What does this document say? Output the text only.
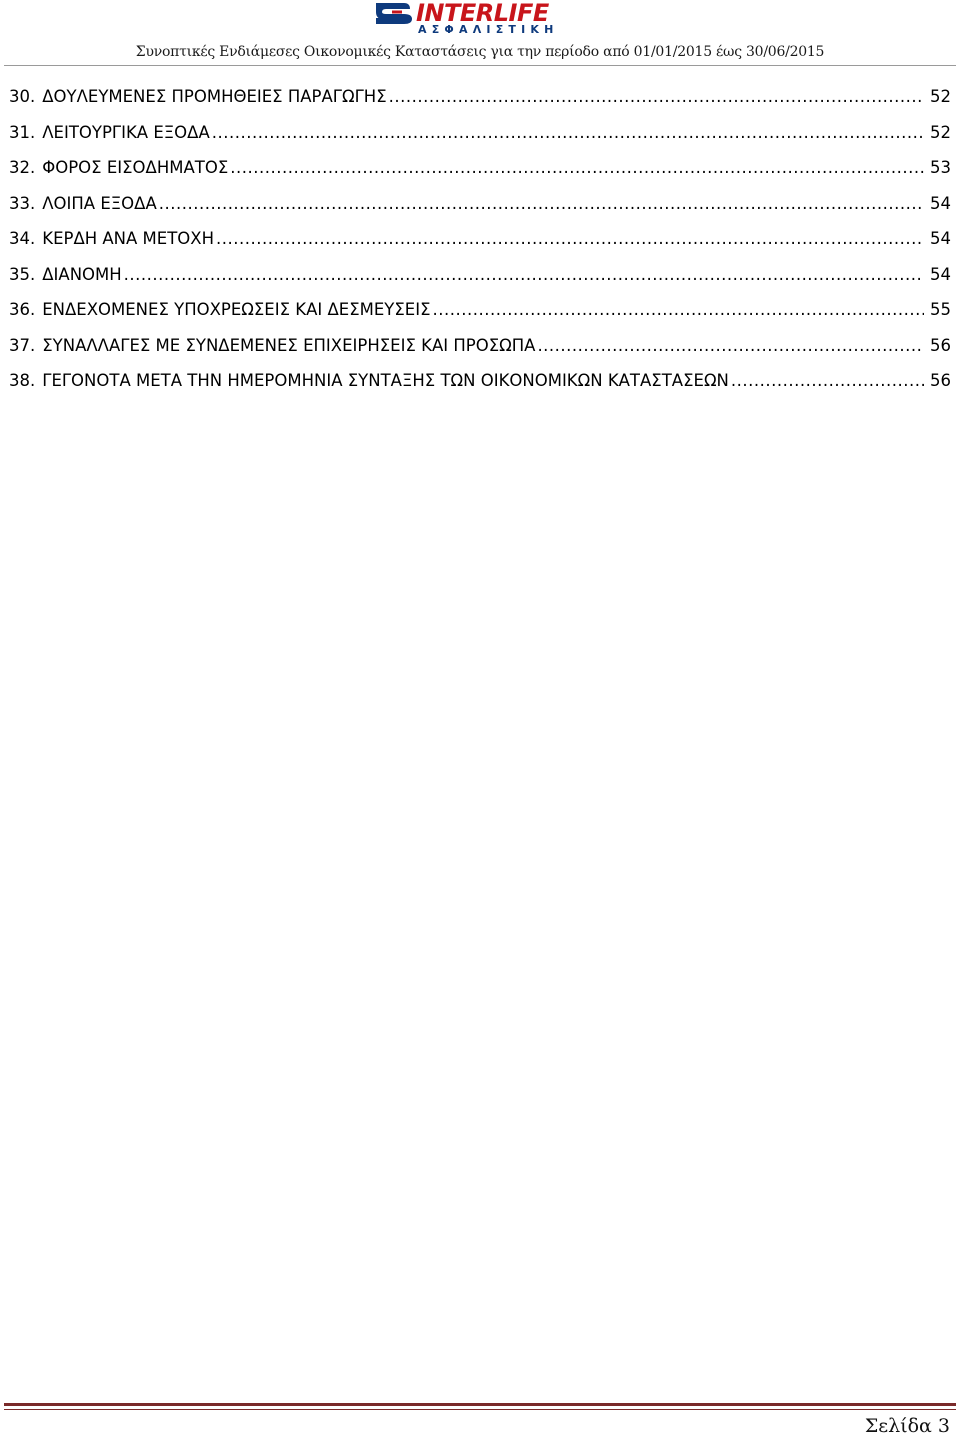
INTERLIFE
ΑΣΦΑΛΙΣΤΙΚΗ
Συνοπτικές Ενδιάμεσες Οικονομικές Καταστάσεις για την περίοδο από 01/01/2015 έως 30/06/2015
30. ΔΟΥΛΕΥΜΕΝΕΣ ΠΡΟΜΗΘΕΙΕΣ ΠΑΡΑΓΩΓΗΣ .....	52
31. ΛΕΙΤΟΥΡΓΙΚΑ ΕΞΟΔΑ .....	52
32. ΦΟΡΟΣ ΕΙΣΟΔΗΜΑΤΟΣ .....	53
33. ΛΟΙΠΑ ΕΞΟΔΑ .....	54
34. ΚΕΡΔΗ ΑΝΑ ΜΕΤΟΧΗ .....	54
35. ΔΙΑΝΟΜΗ .....	54
36. ΕΝΔΕΧΟΜΕΝΕΣ ΥΠΟΧΡΕΩΣΕΙΣ ΚΑΙ ΔΕΣΜΕΥΣΕΙΣ .....	55
37. ΣΥΝΑΛΛΑΓΕΣ ΜΕ ΣΥΝΔΕΜΕΝΕΣ ΕΠΙΧΕΙΡΗΣΕΙΣ ΚΑΙ ΠΡΟΣΩΠΑ .....	56
38. ΓΕΓΟΝΟΤΑ ΜΕΤΑ ΤΗΝ ΗΜΕΡΟΜΗΝΙΑ ΣΥΝΤΑΞΗΣ ΤΩΝ ΟΙΚΟΝΟΜΙΚΩΝ ΚΑΤΑΣΤΑΣΕΩΝ .....	56
Σελίδα 3
